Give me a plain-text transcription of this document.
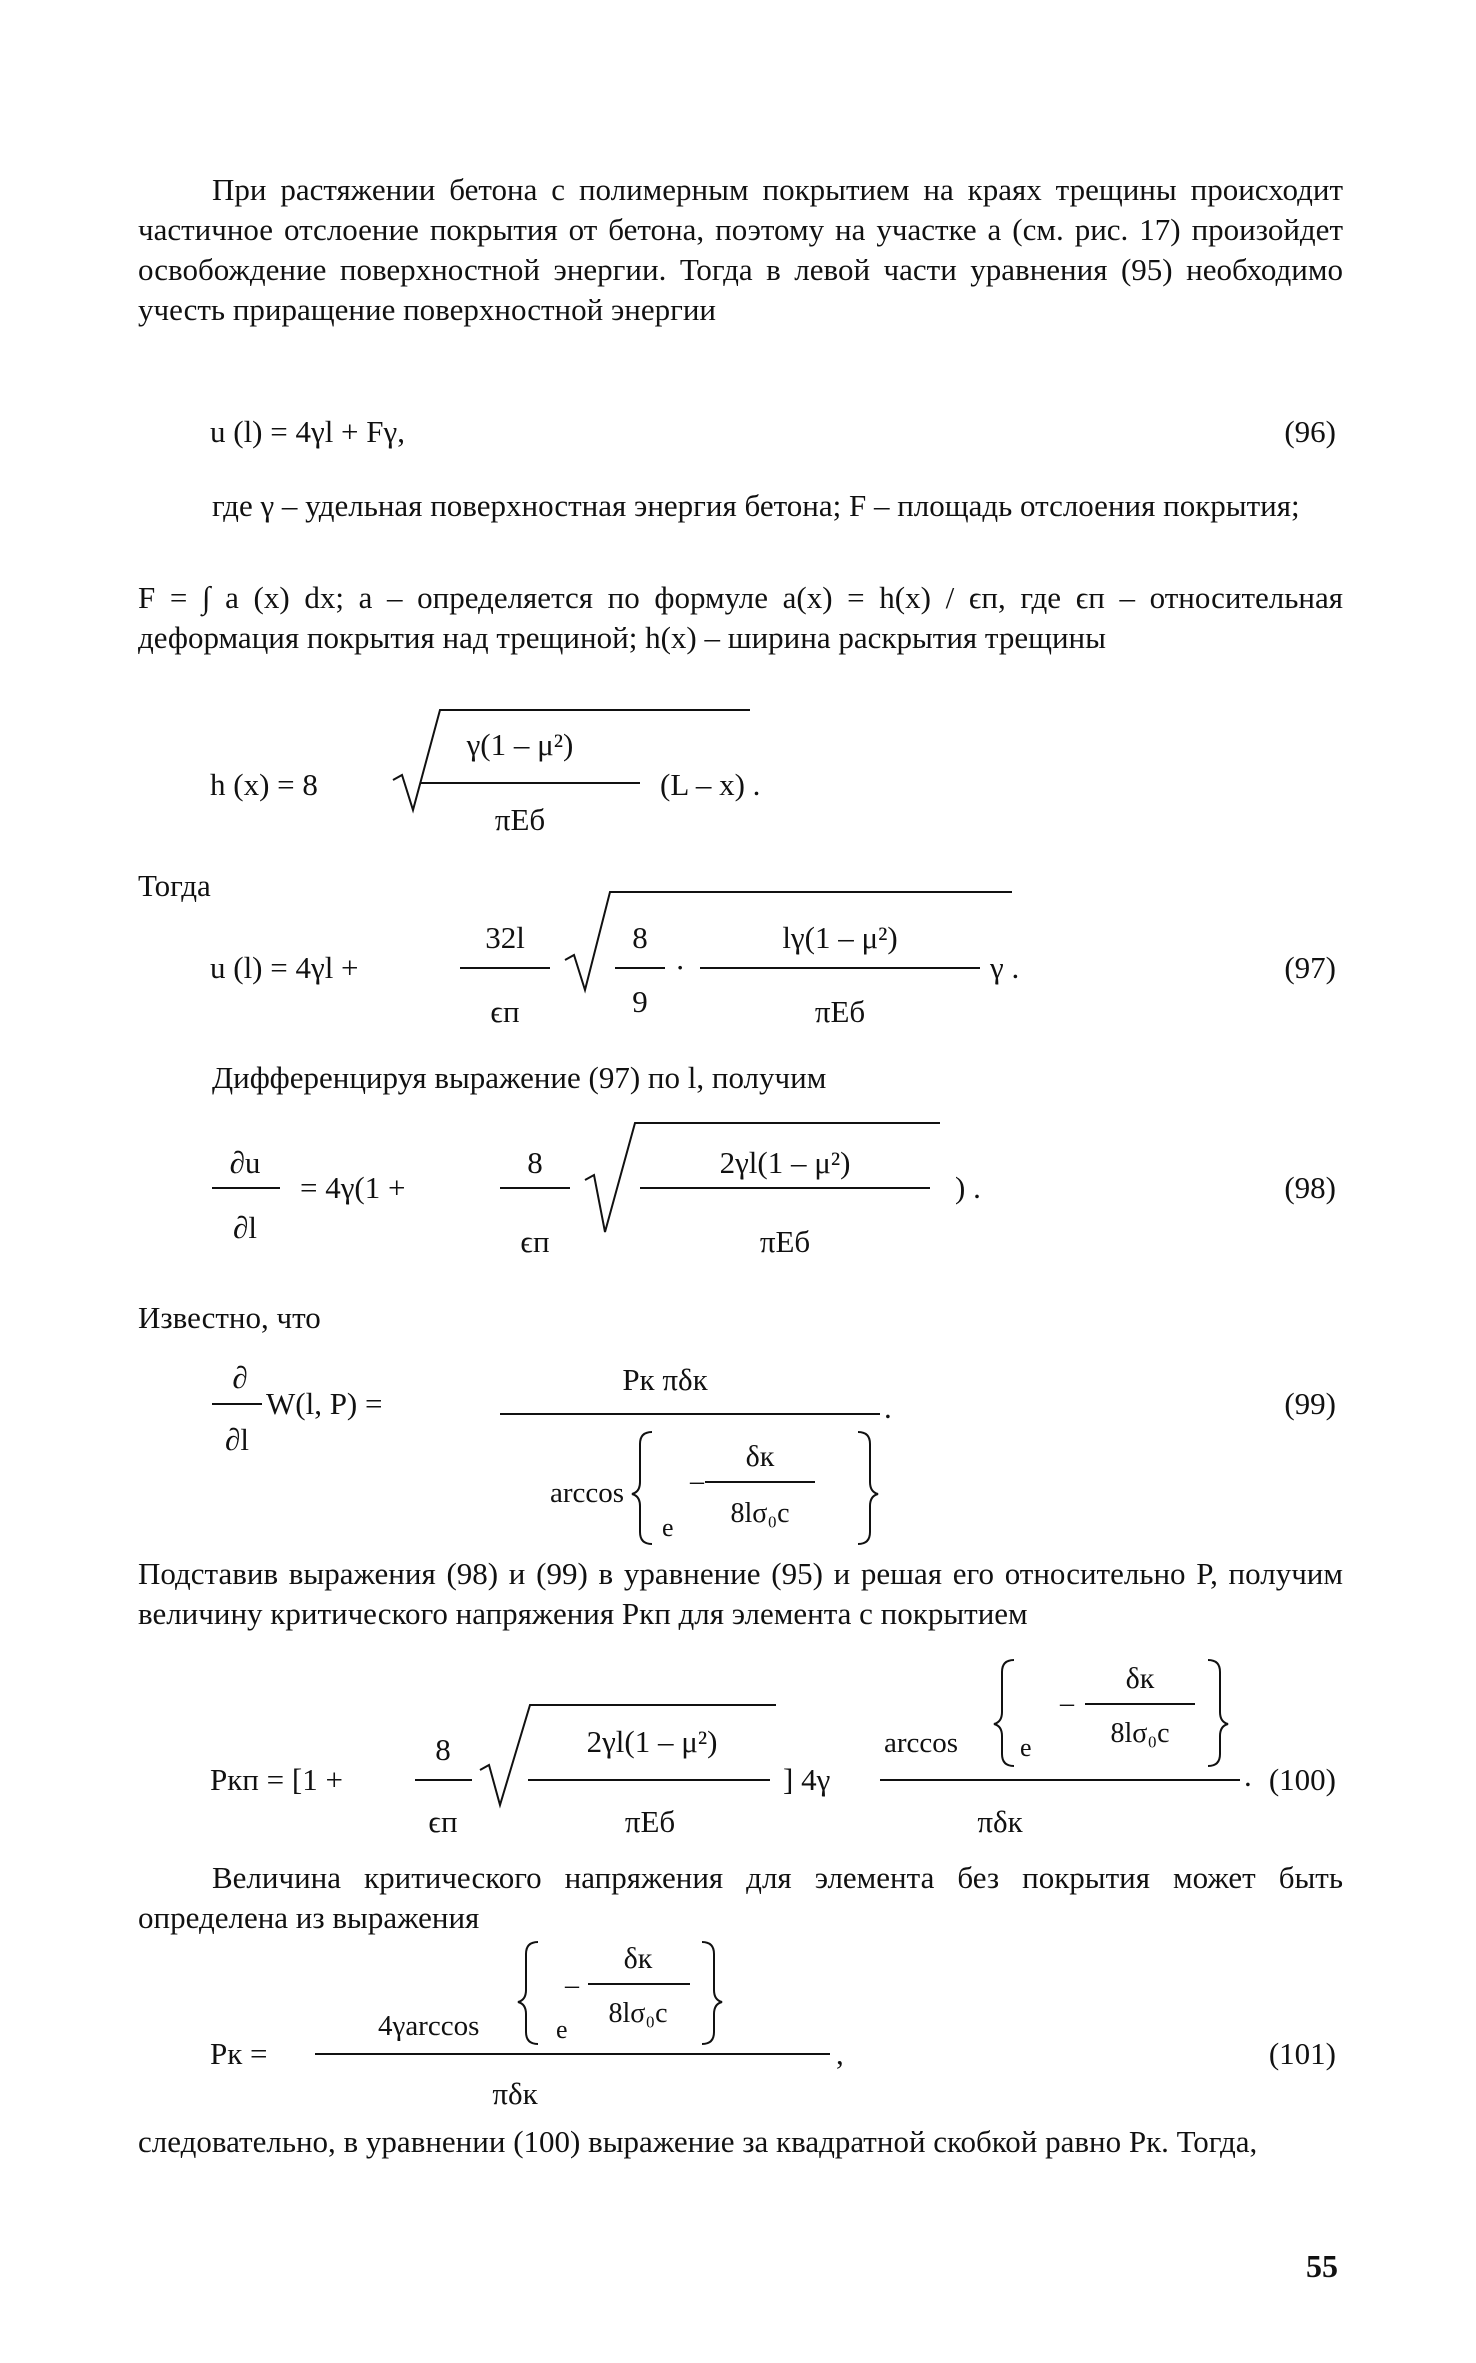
При растяжении бетона с полимерным покрытием на краях трещины происходит частичное отслоение покрытия от бетона, поэтому на участке а (см. рис. 17) произойдет освобождение поверхностной энергии. Тогда в левой части уравнения (95) необходимо учесть приращение поверхностной энергии

u (l) = 4γl + Fγ,	(96)
h (x) = 8
γ(1 – μ²)
πEб
(L – x) .
u (l) = 4γl +
32l
ϵп
8
9
·
lγ(1 – μ²)
πEб
γ .	(97)
∂u
∂l
= 4γ(1 +
8
ϵп
2γl(1 – μ²)
πEб
) .	(98)
∂
∂l
W(l, P) =
Pк πδк
arccos
e
–
δк
8lσ₀c
.	(99)
Pкп = [1 +
8
ϵп
2γl(1 – μ²)
πEб
] 4γ
arccos e
–
δк
8lσ₀c
πδк
. (100)
Pк =
4γarccos	e
–
δк
8lσ₀c
πδк
,	(101)

где γ – удельная поверхностная энергия бетона; F – площадь отслоения покрытия;

F = ∫ a (x) dx; a – определяется по формуле a(x) = h(x) / ϵп, где ϵп – относительная деформация покрытия над трещиной; h(x) – ширина раскрытия трещины

Тогда

Дифференцируя выражение (97) по l, получим

Известно, что

Подставив выражения (98) и (99) в уравнение (95) и решая его относительно P, получим величину критического напряжения Pкп для элемента с покрытием

Величина критического напряжения для элемента без покрытия может быть определена из выражения

следовательно, в уравнении (100) выражение за квадратной скобкой равно Pк. Тогда,

55
